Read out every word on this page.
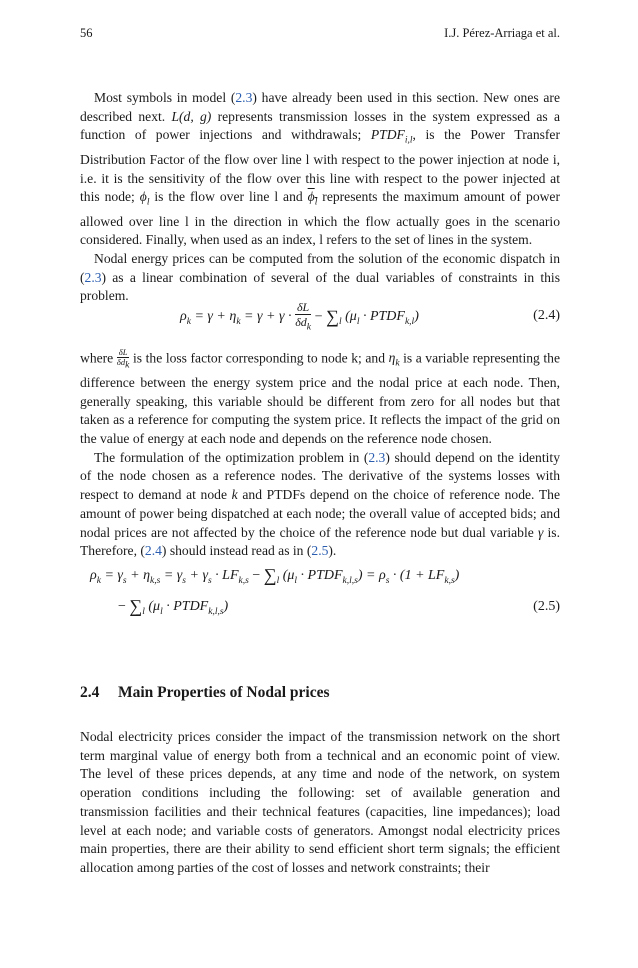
56	I.J. Pérez-Arriaga et al.

Most symbols in model (2.3) have already been used in this section. New ones are described next. L(d, g) represents transmission losses in the system expressed as a function of power injections and withdrawals; $PTDF_{i,l}$, is the Power Transfer Distribution Factor of the flow over line l with respect to the power injection at node i, i.e. it is the sensitivity of the flow over this line with respect to the power injected at this node; $\phi_l$ is the flow over line l and $\phi_l$ represents the maximum amount of power allowed over line l in the direction in which the flow actually goes in the scenario considered. Finally, when used as an index, l refers to the set of lines in the system.

Nodal energy prices can be computed from the solution of the economic dispatch in (2.3) as a linear combination of several of the dual variables of constraints in this problem.

$\rho_k = \gamma + \eta_k = \gamma + \gamma \cdot \frac{\delta L}{\delta d_k} - \sum_l$ ($\mu_l$ · $PTDF_{k,l}$)	(2.4)

where $\frac{\delta L}{\delta d_k}$ is the loss factor corresponding to node k; and $\eta_k$ is a variable representing the difference between the energy system price and the nodal price at each node. Then, generally speaking, this variable should be different from zero for all nodes but that taken as a reference for computing the system price. It reflects the impact of the grid on the value of energy at each node and depends on the reference node chosen.

The formulation of the optimization problem in (2.3) should depend on the identity of the node chosen as a reference nodes. The derivative of the systems losses with respect to demand at node k and PTDFs depend on the choice of reference node. The amount of power being dispatched at each node; the overall value of accepted bids; and nodal prices are not affected by the choice of the reference node but dual variable γ is. Therefore, (2.4) should instead read as in (2.5).

$\rho_k = \gamma_s + \eta_{k,s} = \gamma_s + \gamma_s \cdot LF_{k,s} - \sum_l$ ($\mu_l$ · $PTDF_{k,l,s}) = \rho_s \cdot (1 + LF_{k,s})$
− $\sum_l$ ($\mu_l$ · $PTDF_{k,l,s}$)	(2.5)
2.4 Main Properties of Nodal prices

Nodal electricity prices consider the impact of the transmission network on the short term marginal value of energy both from a technical and an economic point of view. The level of these prices depends, at any time and node of the network, on system operation conditions including the following: set of available generation and transmission facilities and their technical features (capacities, line impedances); load level at each node; and variable costs of generators. Amongst nodal electricity prices main properties, there are their ability to send efficient short term signals; the efficient allocation among parties of the cost of losses and network constraints; their
